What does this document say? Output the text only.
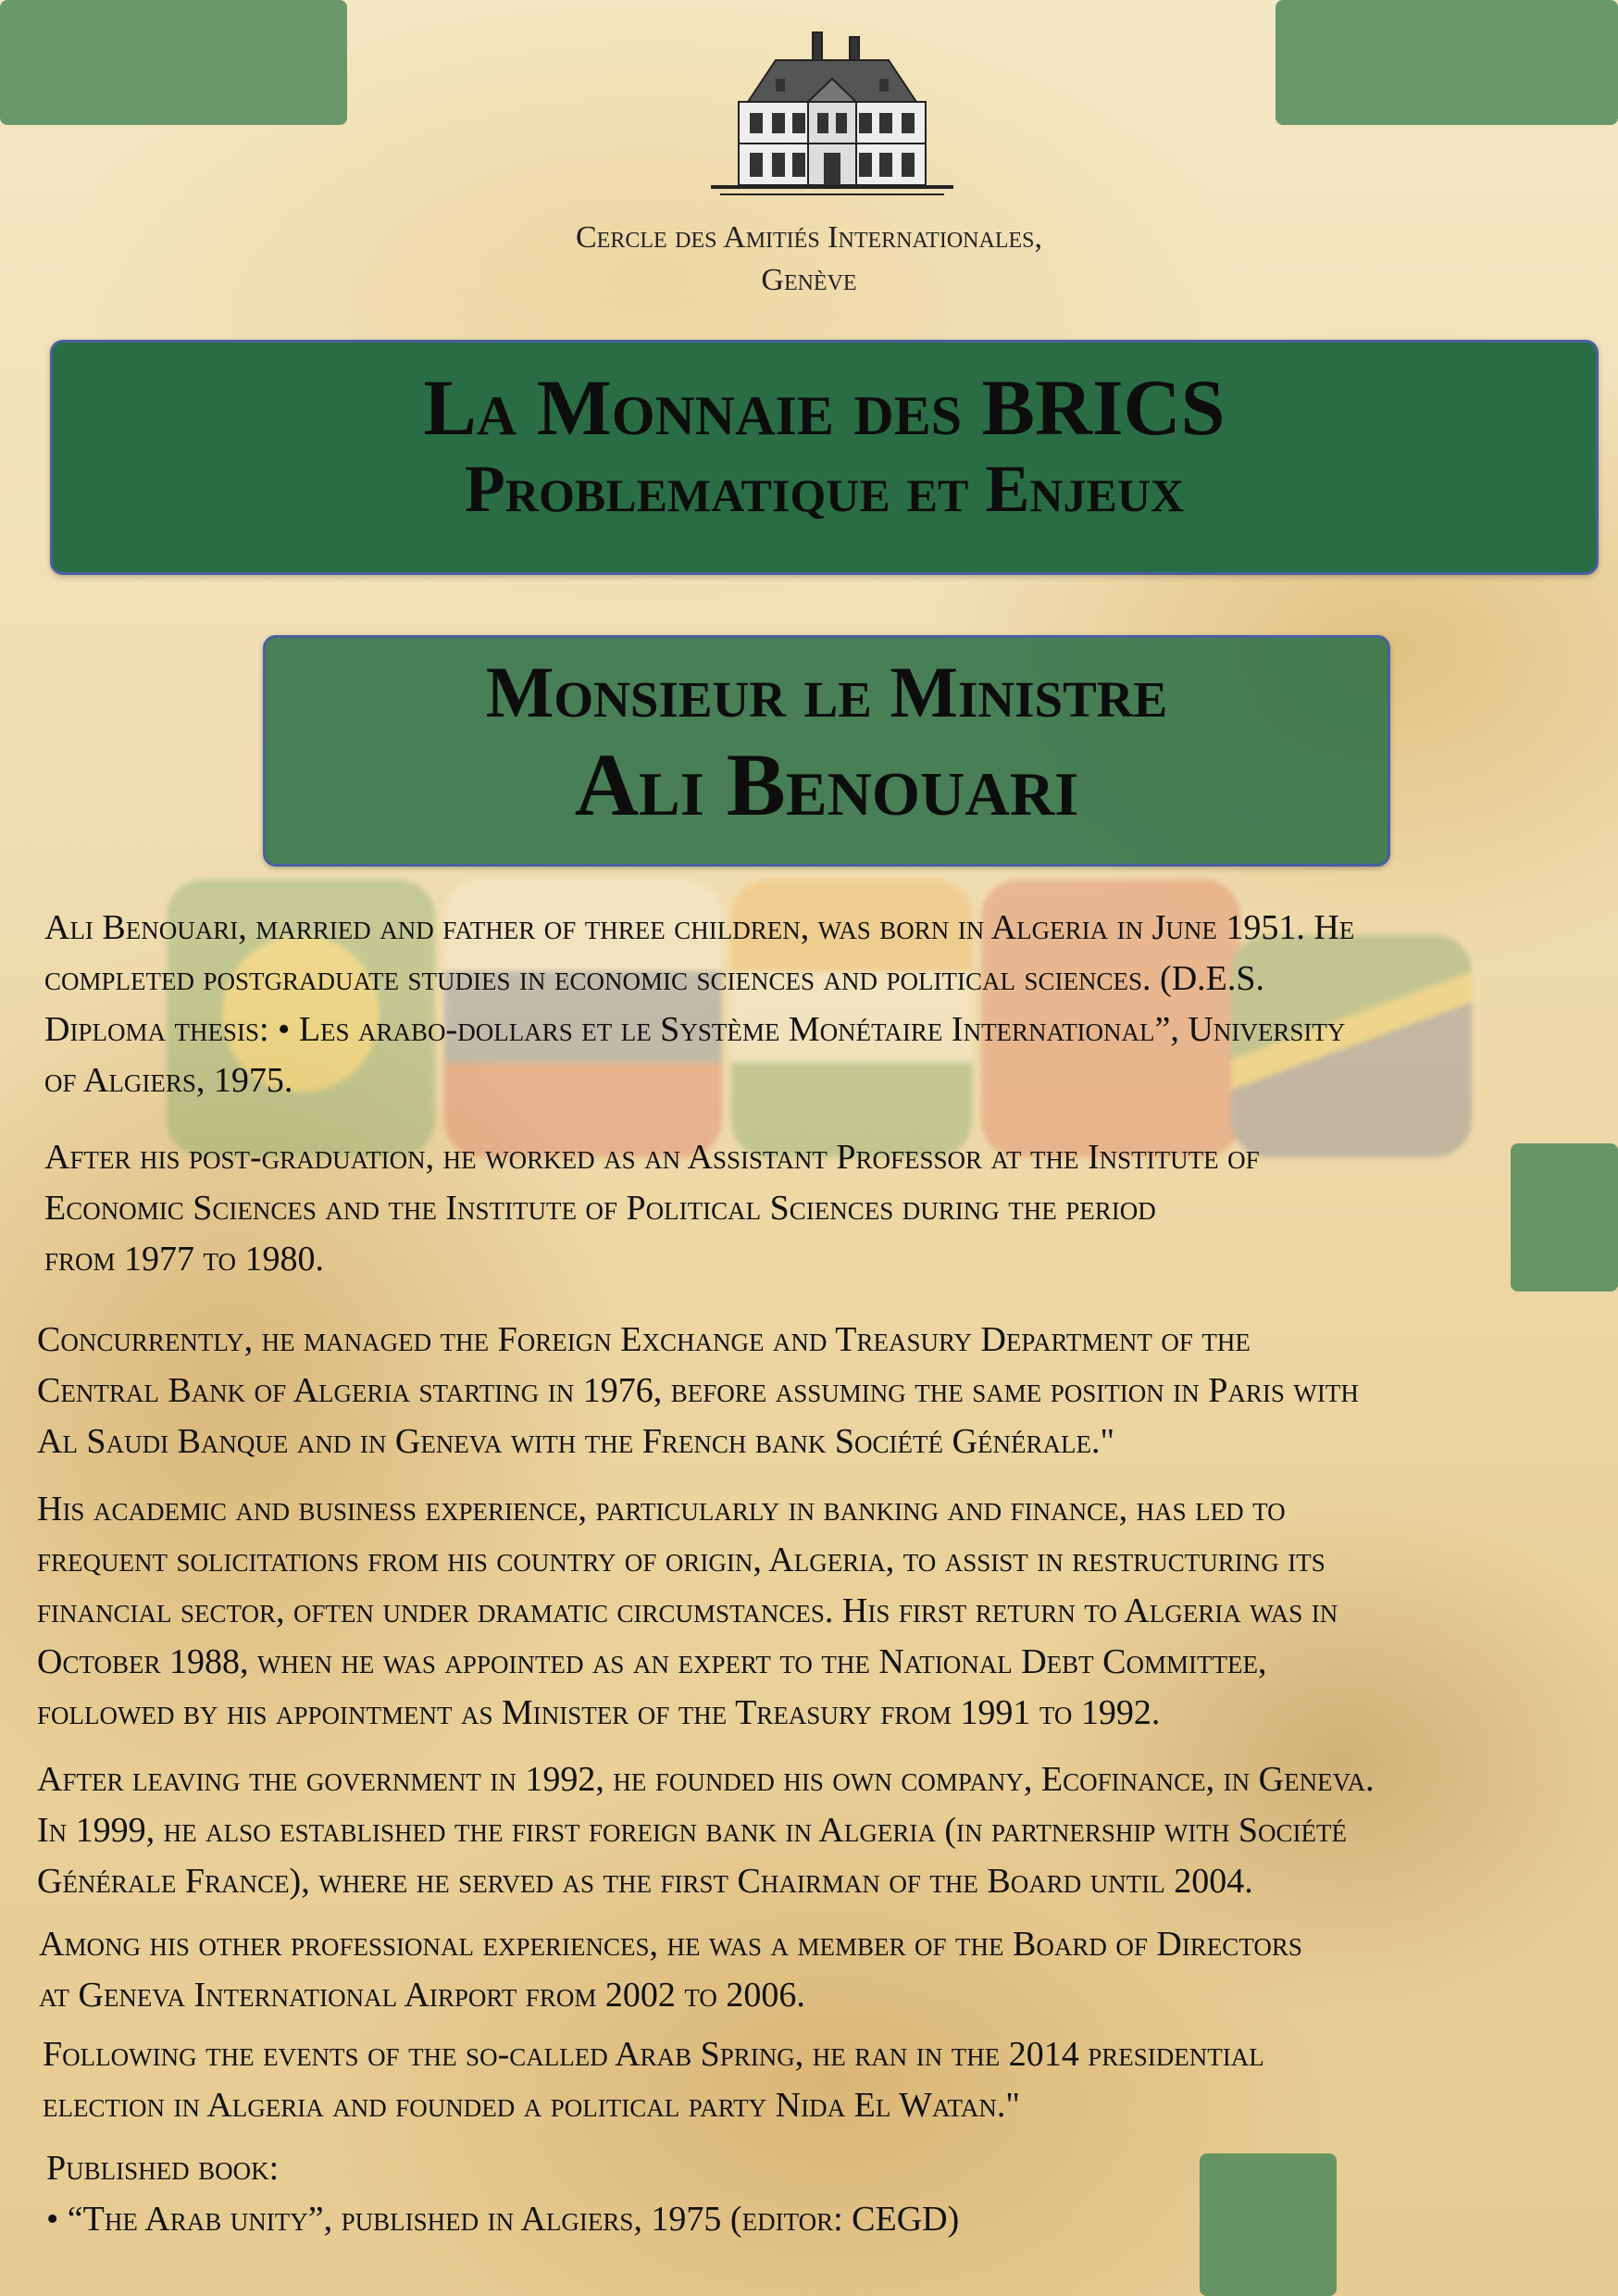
Cercle des Amitiés Internationales,
Genève
La Monnaie des BRICS
Problematique et Enjeux
Monsieur le Ministre
Ali Benouari

Ali Benouari, married and father of three children, was born in Algeria in June 1951. He
completed postgraduate studies in economic sciences and political sciences. (D.E.S.
Diploma thesis: • Les arabo-dollars et le Système Monétaire International”, University
of Algiers, 1975.

After his post-graduation, he worked as an Assistant Professor at the Institute of
Economic Sciences and the Institute of Political Sciences during the period
from 1977 to 1980.

Concurrently, he managed the Foreign Exchange and Treasury Department of the
Central Bank of Algeria starting in 1976, before assuming the same position in Paris with
Al Saudi Banque and in Geneva with the French bank Société Générale."

His academic and business experience, particularly in banking and finance, has led to
frequent solicitations from his country of origin, Algeria, to assist in restructuring its
financial sector, often under dramatic circumstances. His first return to Algeria was in
October 1988, when he was appointed as an expert to the National Debt Committee,
followed by his appointment as Minister of the Treasury from 1991 to 1992.

After leaving the government in 1992, he founded his own company, Ecofinance, in Geneva.
In 1999, he also established the first foreign bank in Algeria (in partnership with Société
Générale France), where he served as the first Chairman of the Board until 2004.

Among his other professional experiences, he was a member of the Board of Directors
at Geneva International Airport from 2002 to 2006.

Following the events of the so-called Arab Spring, he ran in the 2014 presidential
election in Algeria and founded a political party Nida El Watan."

Published book:
• “The Arab unity”, published in Algiers, 1975 (editor: CEGD)
